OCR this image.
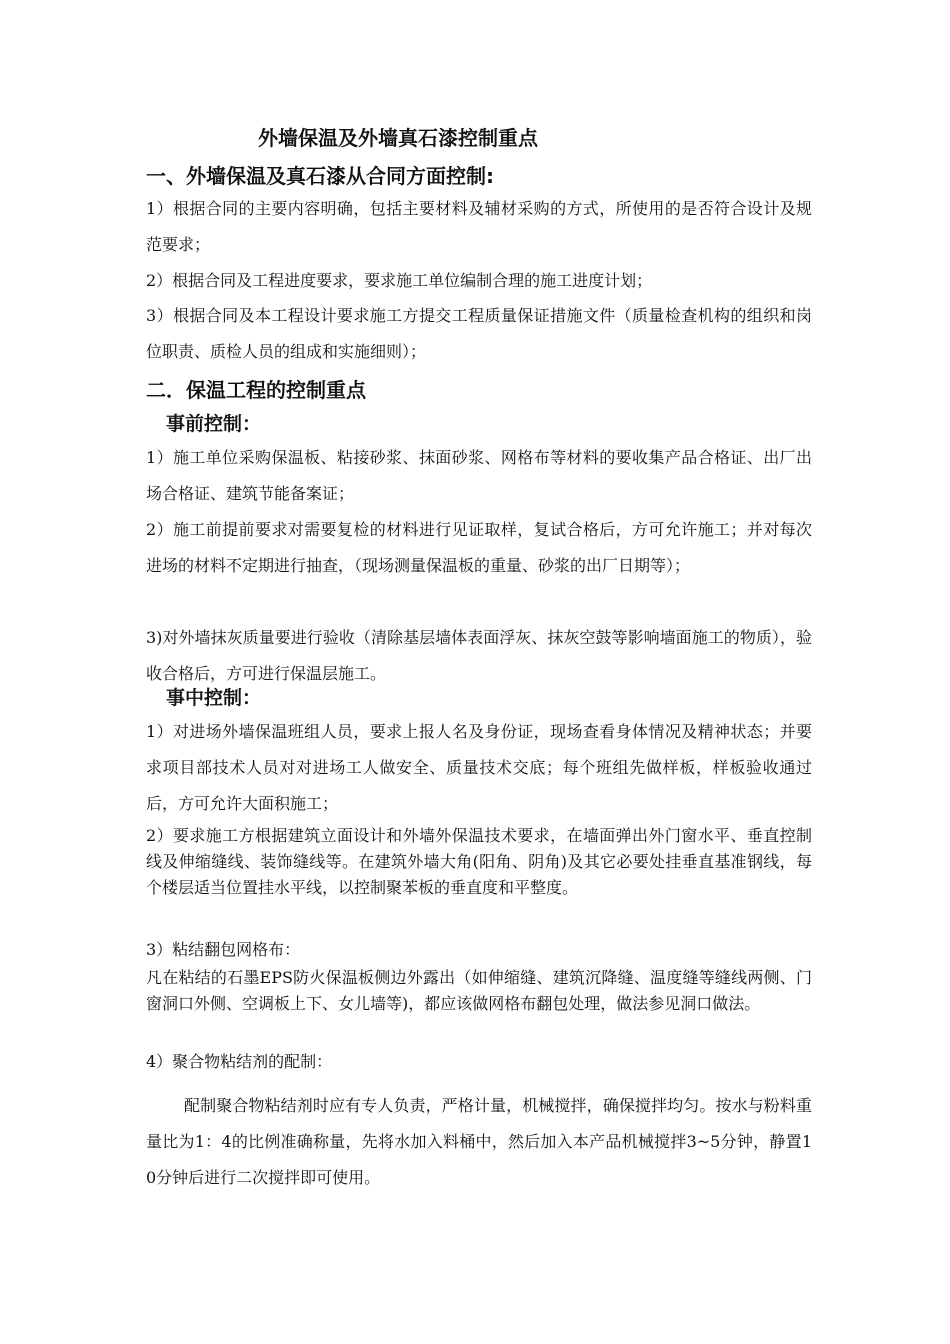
外墙保温及外墙真石漆控制重点
一、外墙保温及真石漆从合同方面控制:
1）根据合同的主要内容明确，包括主要材料及辅材采购的方式，所使用的是否符合设计及规范要求；
2）根据合同及工程进度要求，要求施工单位编制合理的施工进度计划；
3）根据合同及本工程设计要求施工方提交工程质量保证措施文件（质量检查机构的组织和岗位职责、质检人员的组成和实施细则）；
二．保温工程的控制重点
事前控制：
1）施工单位采购保温板、粘接砂浆、抹面砂浆、网格布等材料的要收集产品合格证、出厂出场合格证、建筑节能备案证；
2）施工前提前要求对需要复检的材料进行见证取样，复试合格后，方可允许施工；并对每次进场的材料不定期进行抽查，（现场测量保温板的重量、砂浆的出厂日期等）；
3)对外墙抹灰质量要进行验收（清除基层墙体表面浮灰、抹灰空鼓等影响墙面施工的物质），验收合格后，方可进行保温层施工。
事中控制：
1）对进场外墙保温班组人员，要求上报人名及身份证，现场查看身体情况及精神状态；并要求项目部技术人员对对进场工人做安全、质量技术交底；每个班组先做样板，样板验收通过后，方可允许大面积施工；
2）要求施工方根据建筑立面设计和外墙外保温技术要求，在墙面弹出外门窗水平、垂直控制线及伸缩缝线、装饰缝线等。在建筑外墙大角(阳角、阴角)及其它必要处挂垂直基准钢线，每个楼层适当位置挂水平线，以控制聚苯板的垂直度和平整度。
3）粘结翻包网格布：
凡在粘结的石墨EPS防火保温板侧边外露出（如伸缩缝、建筑沉降缝、温度缝等缝线两侧、门窗洞口外侧、空调板上下、女儿墙等)，都应该做网格布翻包处理，做法参见洞口做法。
4）聚合物粘结剂的配制：
配制聚合物粘结剂时应有专人负责，严格计量，机械搅拌，确保搅拌均匀。按水与粉料重量比为1：4的比例准确称量，先将水加入料桶中，然后加入本产品机械搅拌3~5分钟，静置10分钟后进行二次搅拌即可使用。
